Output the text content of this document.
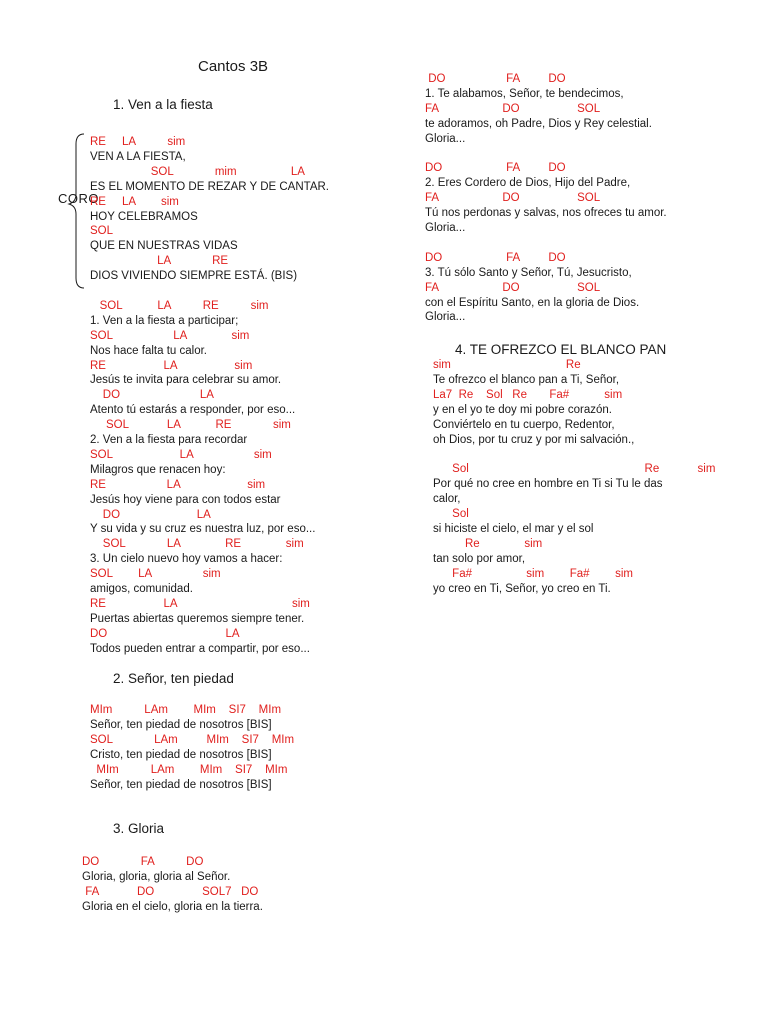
Cantos 3B
1. Ven a la fiesta
CORO
RE     LA          sim
VEN A LA FIESTA,
SOL             mim                 LA
ES EL MOMENTO DE REZAR Y DE CANTAR.
RE     LA        sim
HOY CELEBRAMOS
SOL
QUE EN NUESTRAS VIDAS
LA             RE
DIOS VIVIENDO SIEMPRE ESTÁ. (BIS)
SOL           LA          RE          sim
1. Ven a la fiesta a participar;
SOL                   LA              sim
Nos hace falta tu calor.
RE                  LA                  sim
Jesús te invita para celebrar su amor.
DO                         LA
Atento tú estarás a responder, por eso...
SOL            LA           RE             sim
2. Ven a la fiesta para recordar
SOL                     LA                   sim
Milagros que renacen hoy:
RE                   LA                     sim
Jesús hoy viene para con todos estar
DO                        LA
Y su vida y su cruz es nuestra luz, por eso...
SOL             LA              RE              sim
3. Un cielo nuevo hoy vamos a hacer:
SOL        LA                sim
amigos, comunidad.
RE                  LA                                    sim
Puertas abiertas queremos siempre tener.
DO                                     LA
Todos pueden entrar a compartir, por eso...
2. Señor, ten piedad
MIm          LAm        MIm    SI7    MIm
Señor, ten piedad de nosotros [BIS]
SOL             LAm         MIm    SI7    MIm
Cristo, ten piedad de nosotros [BIS]
MIm          LAm        MIm    SI7    MIm
Señor, ten piedad de nosotros [BIS]
3. Gloria
DO             FA          DO
Gloria, gloria, gloria al Señor.
FA            DO               SOL7   DO
Gloria en el cielo, gloria en la tierra.
DO                   FA         DO
1. Te alabamos, Señor, te bendecimos,
FA                    DO                  SOL
te adoramos, oh Padre, Dios y Rey celestial.
Gloria...
DO                    FA         DO
2. Eres Cordero de Dios, Hijo del Padre,
FA                    DO                  SOL
Tú nos perdonas y salvas, nos ofreces tu amor.
Gloria...
DO                    FA         DO
3. Tú sólo Santo y Señor, Tú, Jesucristo,
FA                    DO                  SOL
con el Espíritu Santo, en la gloria de Dios.
Gloria...
4. TE OFREZCO EL BLANCO PAN
sim                                    Re
Te ofrezco el blanco pan a Ti, Señor,
La7  Re    Sol   Re       Fa#           sim
y en el yo te doy mi pobre corazón.
Conviértelo en tu cuerpo, Redentor,
oh Dios, por tu cruz y por mi salvación.,
Sol                                                       Re            sim
Por qué no cree en hombre en Ti si Tu le das
calor,
Sol
si hiciste el cielo, el mar y el sol
Re              sim
tan solo por amor,
Fa#                 sim        Fa#        sim
yo creo en Ti, Señor, yo creo en Ti.
